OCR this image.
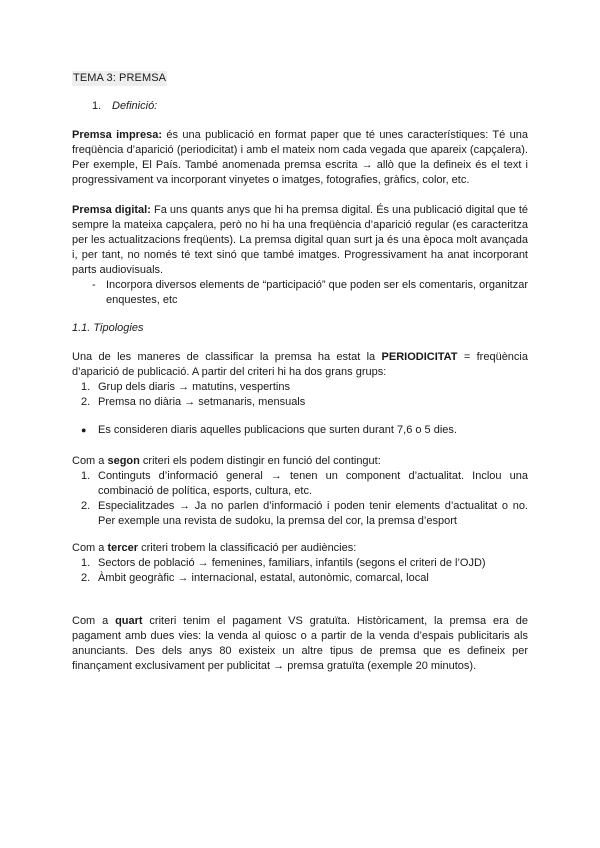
TEMA 3: PREMSA

1. Definició:

Premsa impresa: és una publicació en format paper que té unes característiques: Té una freqüència d’aparició (periodicitat) i amb el mateix nom cada vegada que apareix (capçalera). Per exemple, El País. També anomenada premsa escrita → allò que la defineix és el text i progressivament va incorporant vinyetes o imatges, fotografies, gràfics, color, etc.

Premsa digital: Fa uns quants anys que hi ha premsa digital. És una publicació digital que té sempre la mateixa capçalera, però no hi ha una freqüència d’aparició regular (es caracteritza per les actualitzacions freqüents). La premsa digital quan surt ja és una època molt avançada i, per tant, no només té text sinó que també imatges. Progressivament ha anat incorporant parts audiovisuals.

- Incorpora diversos elements de “participació” que poden ser els comentaris, organitzar enquestes, etc

1.1. Tipologies

Una de les maneres de classificar la premsa ha estat la PERIODICITAT = freqüència d’aparició de publicació. A partir del criteri hi ha dos grans grups:

1. Grup dels diaris → matutins, vespertins
2. Premsa no diària → setmanaris, mensuals
● Es consideren diaris aquelles publicacions que surten durant 7,6 o 5 dies.

Com a segon criteri els podem distingir en funció del contingut:

1. Continguts d’informació general → tenen un component d’actualitat. Inclou una combinació de política, esports, cultura, etc.
2. Especialitzades → Ja no parlen d’informació i poden tenir elements d’actualitat o no. Per exemple una revista de sudoku, la premsa del cor, la premsa d’esport

Com a tercer criteri trobem la classificació per audiències:

1. Sectors de població → femenines, familiars, infantils (segons el criteri de l’OJD)
2. Àmbit geogràfic → internacional, estatal, autonòmic, comarcal, local

Com a quart criteri tenim el pagament VS gratuïta. Històricament, la premsa era de pagament amb dues vies: la venda al quiosc o a partir de la venda d’espais publicitaris als anunciants. Des dels anys 80 existeix un altre tipus de premsa que es defineix per finançament exclusivament per publicitat → premsa gratuïta (exemple 20 minutos).
